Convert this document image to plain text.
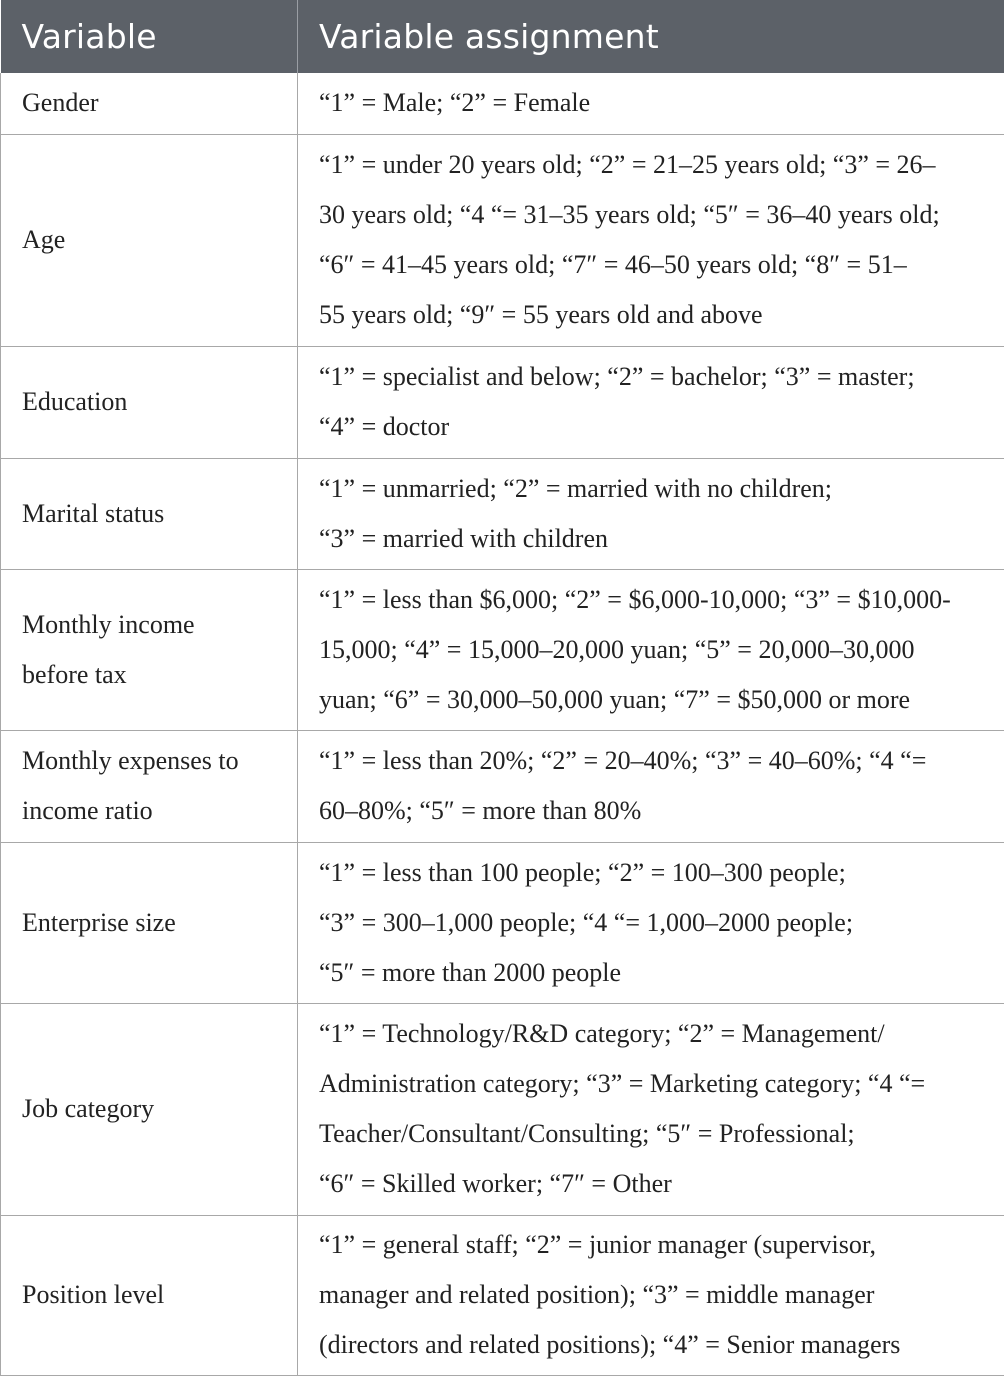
Variable	Variable assignment

Gender	“1” = Male; “2” = Female

Age	“1” = under 20 years old; “2” = 21–25 years old; “3” = 26–
30 years old; “4 “= 31–35 years old; “5″ = 36–40 years old;
“6″ = 41–45 years old; “7″ = 46–50 years old; “8″ = 51–
55 years old; “9″ = 55 years old and above

Education	“1” = specialist and below; “2” = bachelor; “3” = master;
“4” = doctor

Marital status	“1” = unmarried; “2” = married with no children;
“3” = married with children

Monthly income
before tax	“1” = less than $6,000; “2” = $6,000-10,000; “3” = $10,000-
15,000; “4” = 15,000–20,000 yuan; “5” = 20,000–30,000
yuan; “6” = 30,000–50,000 yuan; “7” = $50,000 or more

Monthly expenses to
income ratio	“1” = less than 20%; “2” = 20–40%; “3” = 40–60%; “4 “=
60–80%; “5″ = more than 80%

Enterprise size	“1” = less than 100 people; “2” = 100–300 people;
“3” = 300–1,000 people; “4 “= 1,000–2000 people;
“5″ = more than 2000 people

Job category	“1” = Technology/R&D category; “2” = Management/
Administration category; “3” = Marketing category; “4 “=
Teacher/Consultant/Consulting; “5″ = Professional;
“6″ = Skilled worker; “7″ = Other

Position level	“1” = general staff; “2” = junior manager (supervisor,
manager and related position); “3” = middle manager
(directors and related positions); “4” = Senior managers
